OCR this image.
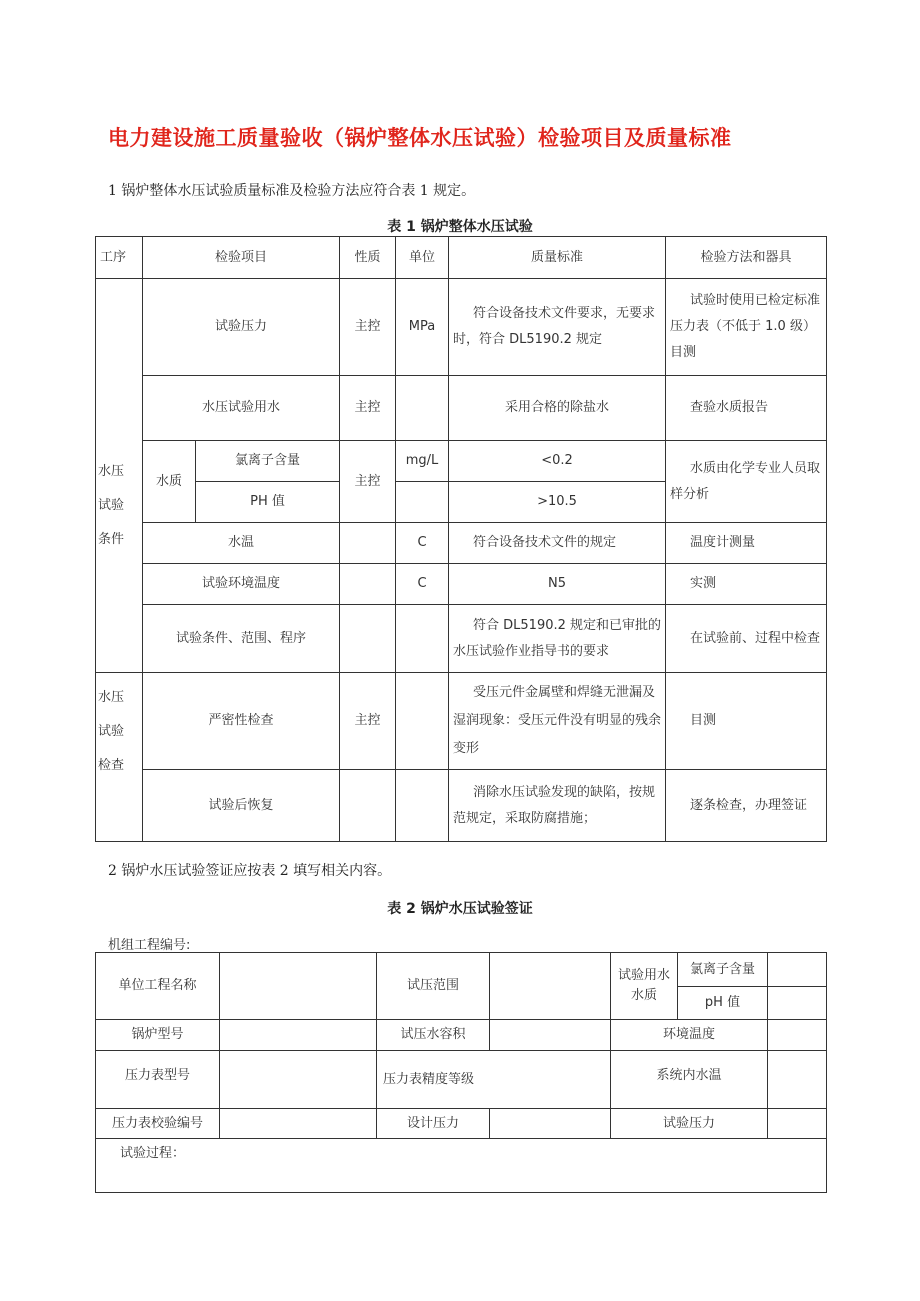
电力建设施工质量验收（锅炉整体水压试验）检验项目及质量标准
1 锅炉整体水压试验质量标准及检验方法应符合表 1 规定。
表 1 锅炉整体水压试验
工序	检验项目		性质	单位	质量标准	检验方法和器具

水压
试验
条件	试验压力		主控	MPa	符合设备技术文件要求，无要求时，符合 DL5190.2 规定	试验时使用已检定标准压力表（不低于 1.0 级）目测
	水压试验用水		主控		采用合格的除盐水	查验水质报告
	水质	氯离子含量	主控	mg/L	<0.2	水质由化学专业人员取样分析
		PH 值			>10.5	
	水温			C	符合设备技术文件的规定	温度计测量
	试验环境温度			C	N5	实测
	试验条件、范围、程序				符合 DL5190.2 规定和已审批的水压试验作业指导书的要求	在试验前、过程中检查

水压
试验
检查	严密性检查		主控		受压元件金属壁和焊缝无泄漏及湿润现象：受压元件没有明显的残余变形	目测
	试验后恢复				消除水压试验发现的缺陷，按规范规定，采取防腐措施；	逐条检查，办理签证
2 锅炉水压试验签证应按表 2 填写相关内容。
表 2 锅炉水压试验签证
机组工程编号:
单位工程名称		试压范围		试验用水水质	氯离子含量	
					pH 值	
锅炉型号		试压水容积		环境温度		
压力表型号		压力表精度等级		系统内水温		
压力表校验编号		设计压力		试验压力		
试验过程：						
